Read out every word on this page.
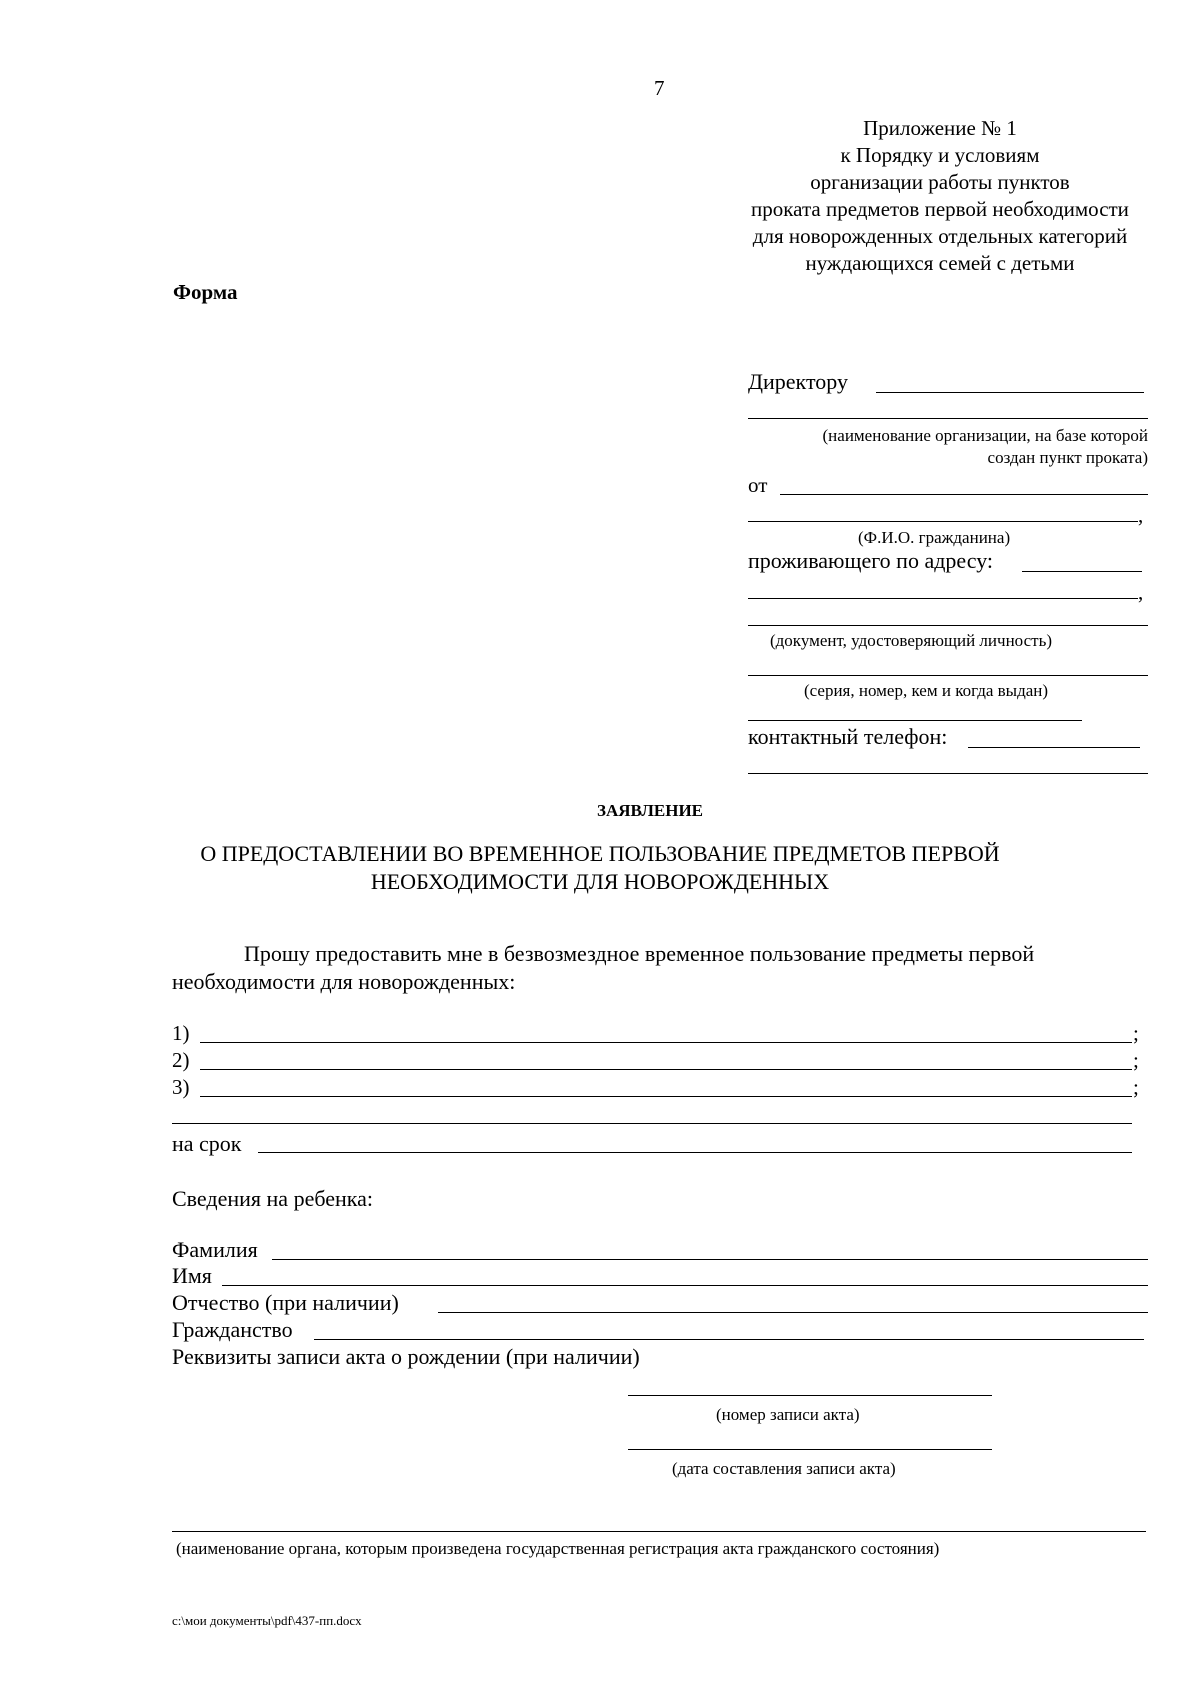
7
Приложение № 1
к Порядку и условиям
организации работы пунктов
проката предметов первой необходимости
для новорожденных отдельных категорий
нуждающихся семей с детьми
Форма
Директору
(наименование организации, на базе которой
создан пункт проката)
от
,
(Ф.И.О. гражданина)
проживающего по адресу:
,
(документ, удостоверяющий личность)
(серия, номер, кем и когда выдан)
контактный телефон:
ЗАЯВЛЕНИЕ
О ПРЕДОСТАВЛЕНИИ ВО ВРЕМЕННОЕ ПОЛЬЗОВАНИЕ ПРЕДМЕТОВ ПЕРВОЙ
НЕОБХОДИМОСТИ ДЛЯ НОВОРОЖДЕННЫХ
Прошу предоставить мне в безвозмездное временное пользование предметы первой
необходимости для новорожденных:
1)	;
2)	;
3)	;
на срок
Сведения на ребенка:
Фамилия
Имя
Отчество (при наличии)
Гражданство
Реквизиты записи акта о рождении (при наличии)
(номер записи акта)
(дата составления записи акта)
(наименование органа, которым произведена государственная регистрация акта гражданского состояния)
c:\мои документы\pdf\437-пп.docx
